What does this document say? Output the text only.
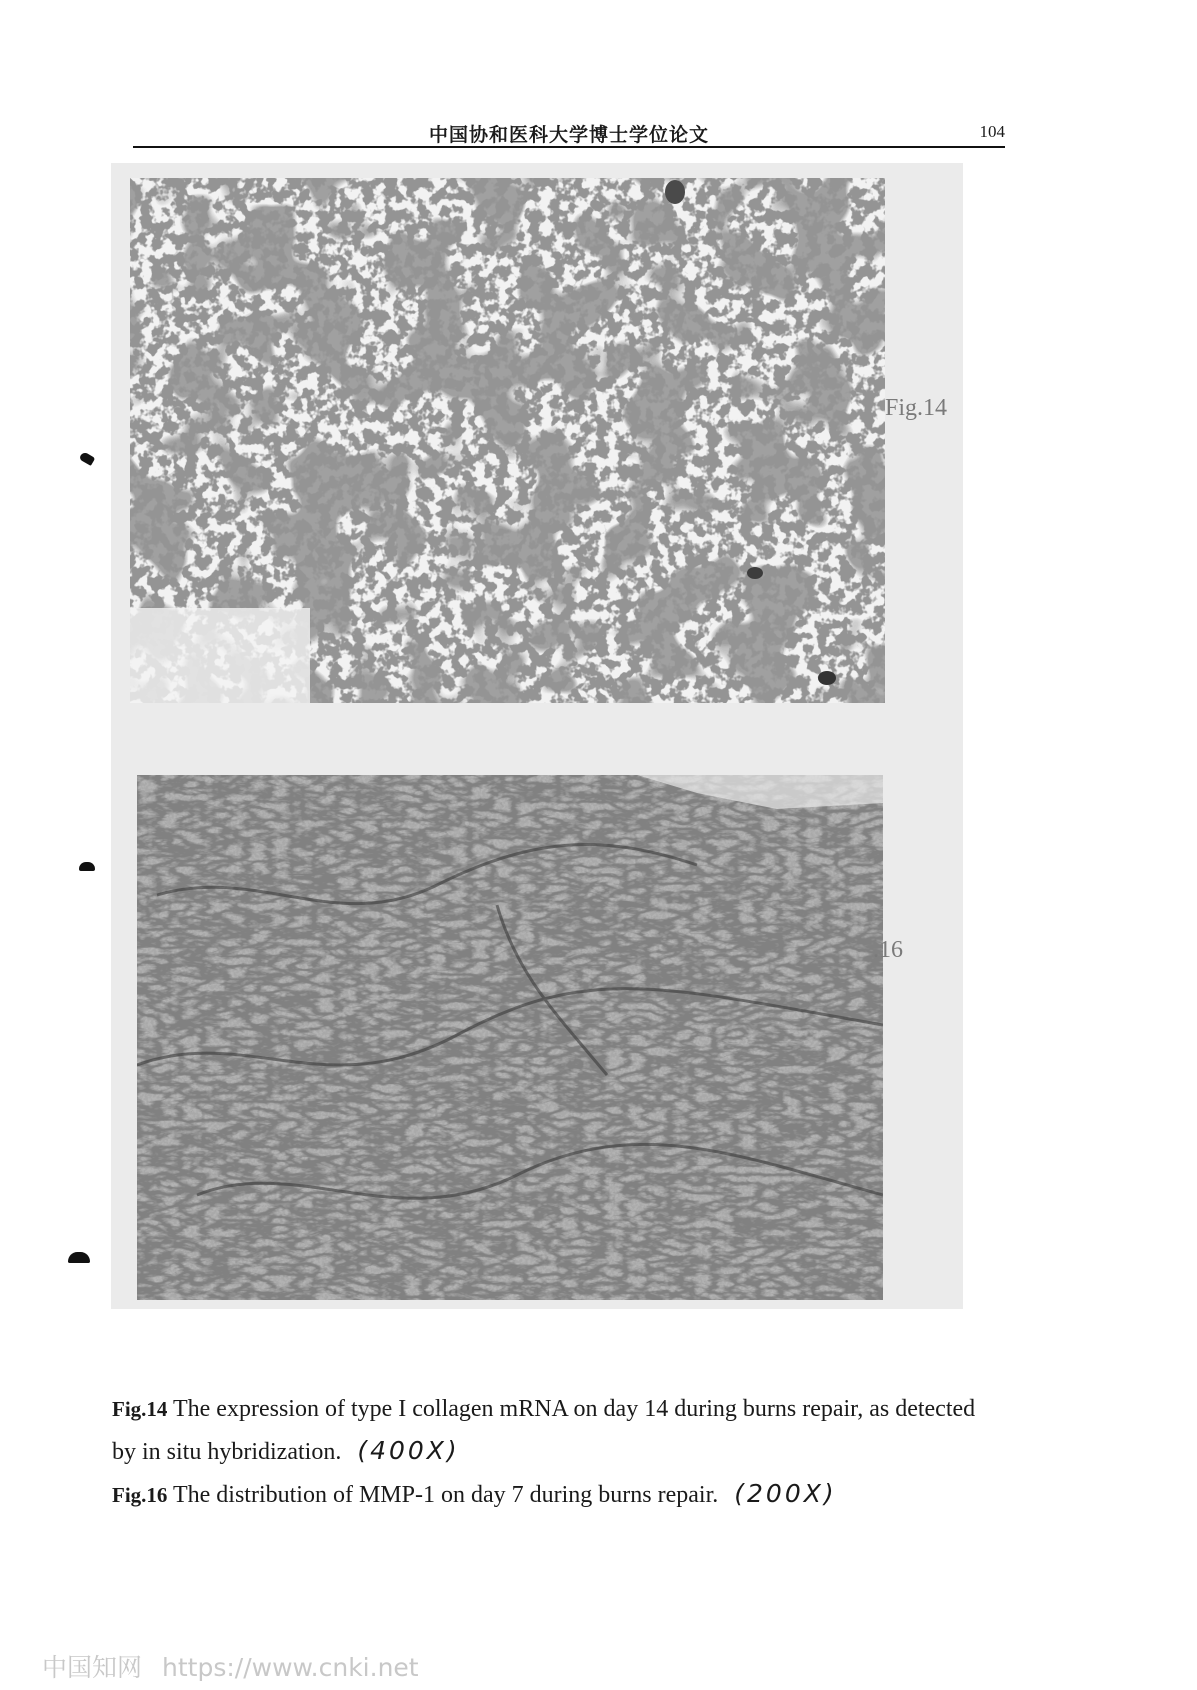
中国协和医科大学博士学位论文	104
Fig.14
.16
Fig.14 The expression of type I collagen mRNA on day 14 during burns repair, as detected
by in situ hybridization. (400X)
Fig.16 The distribution of MMP-1 on day 7 during burns repair. (200X)
中国知网 https://www.cnki.net
